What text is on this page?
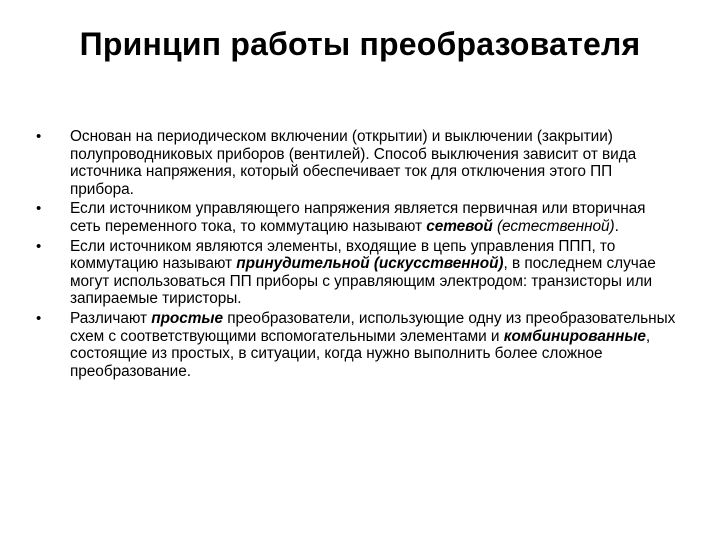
Принцип работы преобразователя
•	Основан на периодическом включении (открытии) и выключении (закрытии) полупроводниковых приборов (вентилей). Способ выключения зависит от вида источника напряжения, который обеспечивает ток для отключения этого ПП прибора.
•	Если источником управляющего напряжения является первичная или вторичная сеть переменного тока, то коммутацию называют сетевой (естественной).
•	Если источником являются элементы, входящие в цепь управления ППП, то коммутацию называют принудительной (искусственной), в последнем случае могут использоваться ПП приборы с управляющим электродом: транзисторы или запираемые тиристоры.
•	Различают простые преобразователи, использующие одну из преобразовательных схем с соответствующими вспомогательными элементами и комбинированные, состоящие из простых, в ситуации, когда нужно выполнить более сложное преобразование.
